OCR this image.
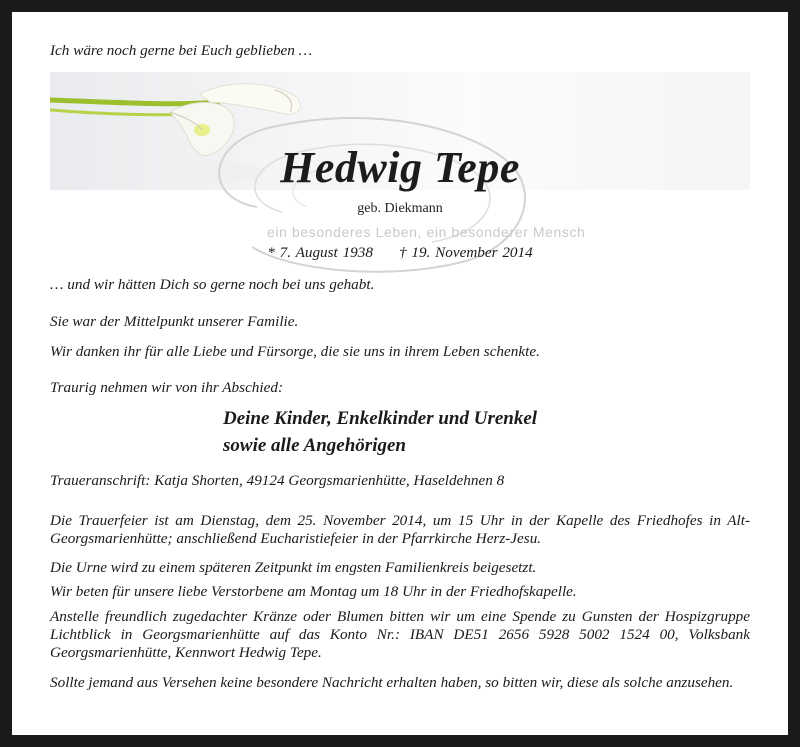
Ich wäre noch gerne bei Euch geblieben …
Hedwig Tepe
geb. Diekmann
ein besonderes Leben, ein besonderer Mensch
* 7. August 1938 † 19. November 2014
… und wir hätten Dich so gerne noch bei uns gehabt.
Sie war der Mittelpunkt unserer Familie.
Wir danken ihr für alle Liebe und Fürsorge, die sie uns in ihrem Leben schenkte.
Traurig nehmen wir von ihr Abschied:
Deine Kinder, Enkelkinder und Urenkel
sowie alle Angehörigen
Traueranschrift: Katja Shorten, 49124 Georgsmarienhütte, Haseldehnen 8
Die Trauerfeier ist am Dienstag, dem 25. November 2014, um 15 Uhr in der Kapelle des Friedhofes in Alt-Georgsmarienhütte; anschließend Eucharistiefeier in der Pfarrkirche Herz-Jesu.
Die Urne wird zu einem späteren Zeitpunkt im engsten Familienkreis beigesetzt.
Wir beten für unsere liebe Verstorbene am Montag um 18 Uhr in der Friedhofskapelle.
Anstelle freundlich zugedachter Kränze oder Blumen bitten wir um eine Spende zu Gunsten der Hospizgruppe Lichtblick in Georgsmarienhütte auf das Konto Nr.: IBAN DE51 2656 5928 5002 1524 00, Volksbank Georgsmarienhütte, Kennwort Hedwig Tepe.
Sollte jemand aus Versehen keine besondere Nachricht erhalten haben, so bitten wir, diese als solche anzusehen.
